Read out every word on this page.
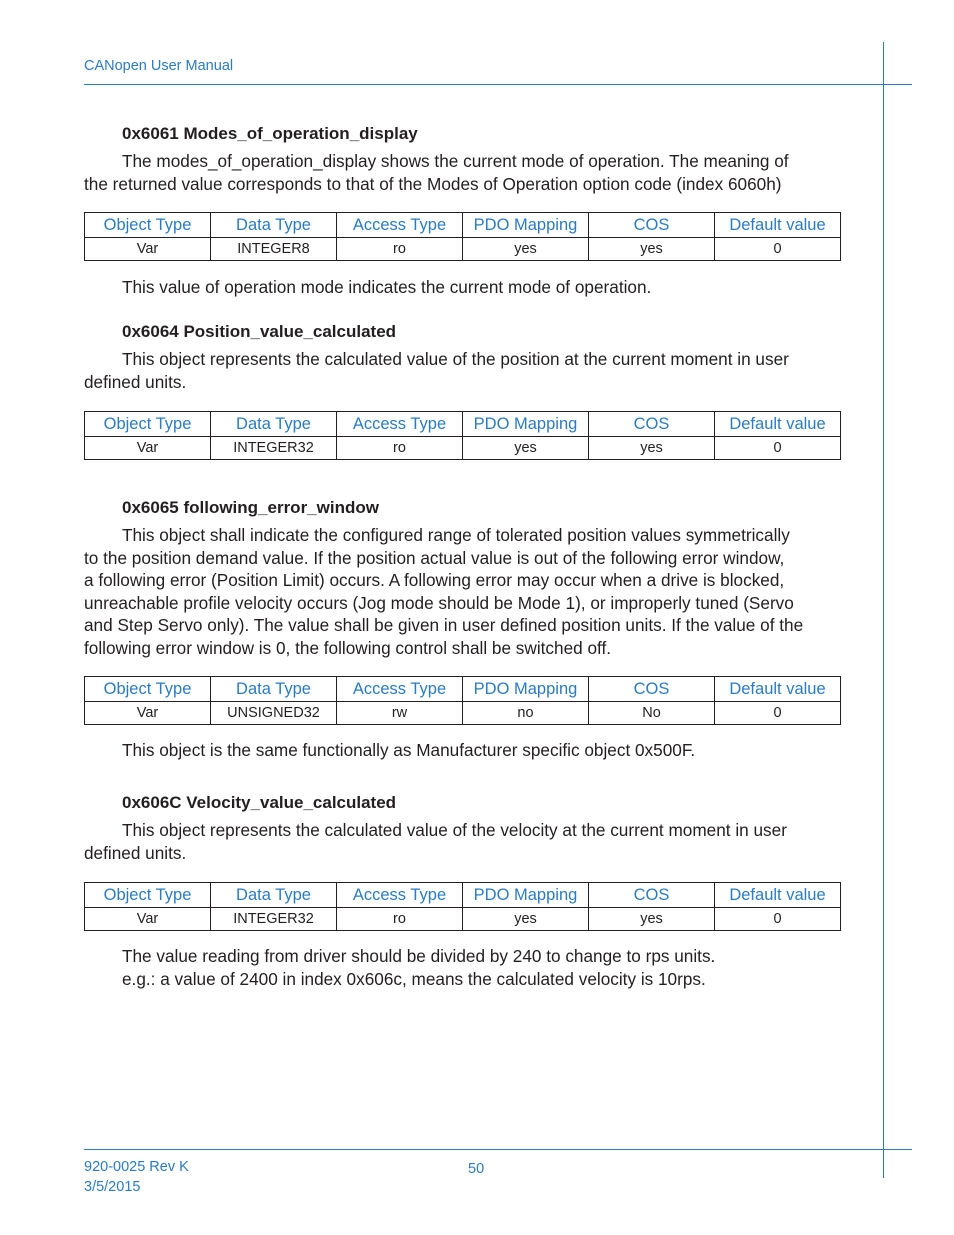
CANopen User Manual
0x6061 Modes_of_operation_display
The modes_of_operation_display shows the current mode of operation. The meaning of
the returned value corresponds to that of the Modes of Operation option code (index 6060h)
Object Type	Data Type	Access Type	PDO Mapping	COS	Default value
Var	INTEGER8	ro	yes	yes	0
This value of operation mode indicates the current mode of operation.
0x6064 Position_value_calculated
This object represents the calculated value of the position at the current moment in user
defined units.
Object Type	Data Type	Access Type	PDO Mapping	COS	Default value
Var	INTEGER32	ro	yes	yes	0
0x6065 following_error_window
This object shall indicate the configured range of tolerated position values symmetrically
to the position demand value. If the position actual value is out of the following error window,
a following error (Position Limit) occurs. A following error may occur when a drive is blocked,
unreachable profile velocity occurs (Jog mode should be Mode 1), or improperly tuned (Servo
and Step Servo only). The value shall be given in user defined position units. If the value of the
following error window is 0, the following control shall be switched off.
Object Type	Data Type	Access Type	PDO Mapping	COS	Default value
Var	UNSIGNED32	rw	no	No	0
This object is the same functionally as Manufacturer specific object 0x500F.
0x606C Velocity_value_calculated
This object represents the calculated value of the velocity at the current moment in user
defined units.
Object Type	Data Type	Access Type	PDO Mapping	COS	Default value
Var	INTEGER32	ro	yes	yes	0
The value reading from driver should be divided by 240 to change to rps units.
e.g.: a value of 2400 in index 0x606c, means the calculated velocity is 10rps.
920-0025 Rev K
3/5/2015
50
